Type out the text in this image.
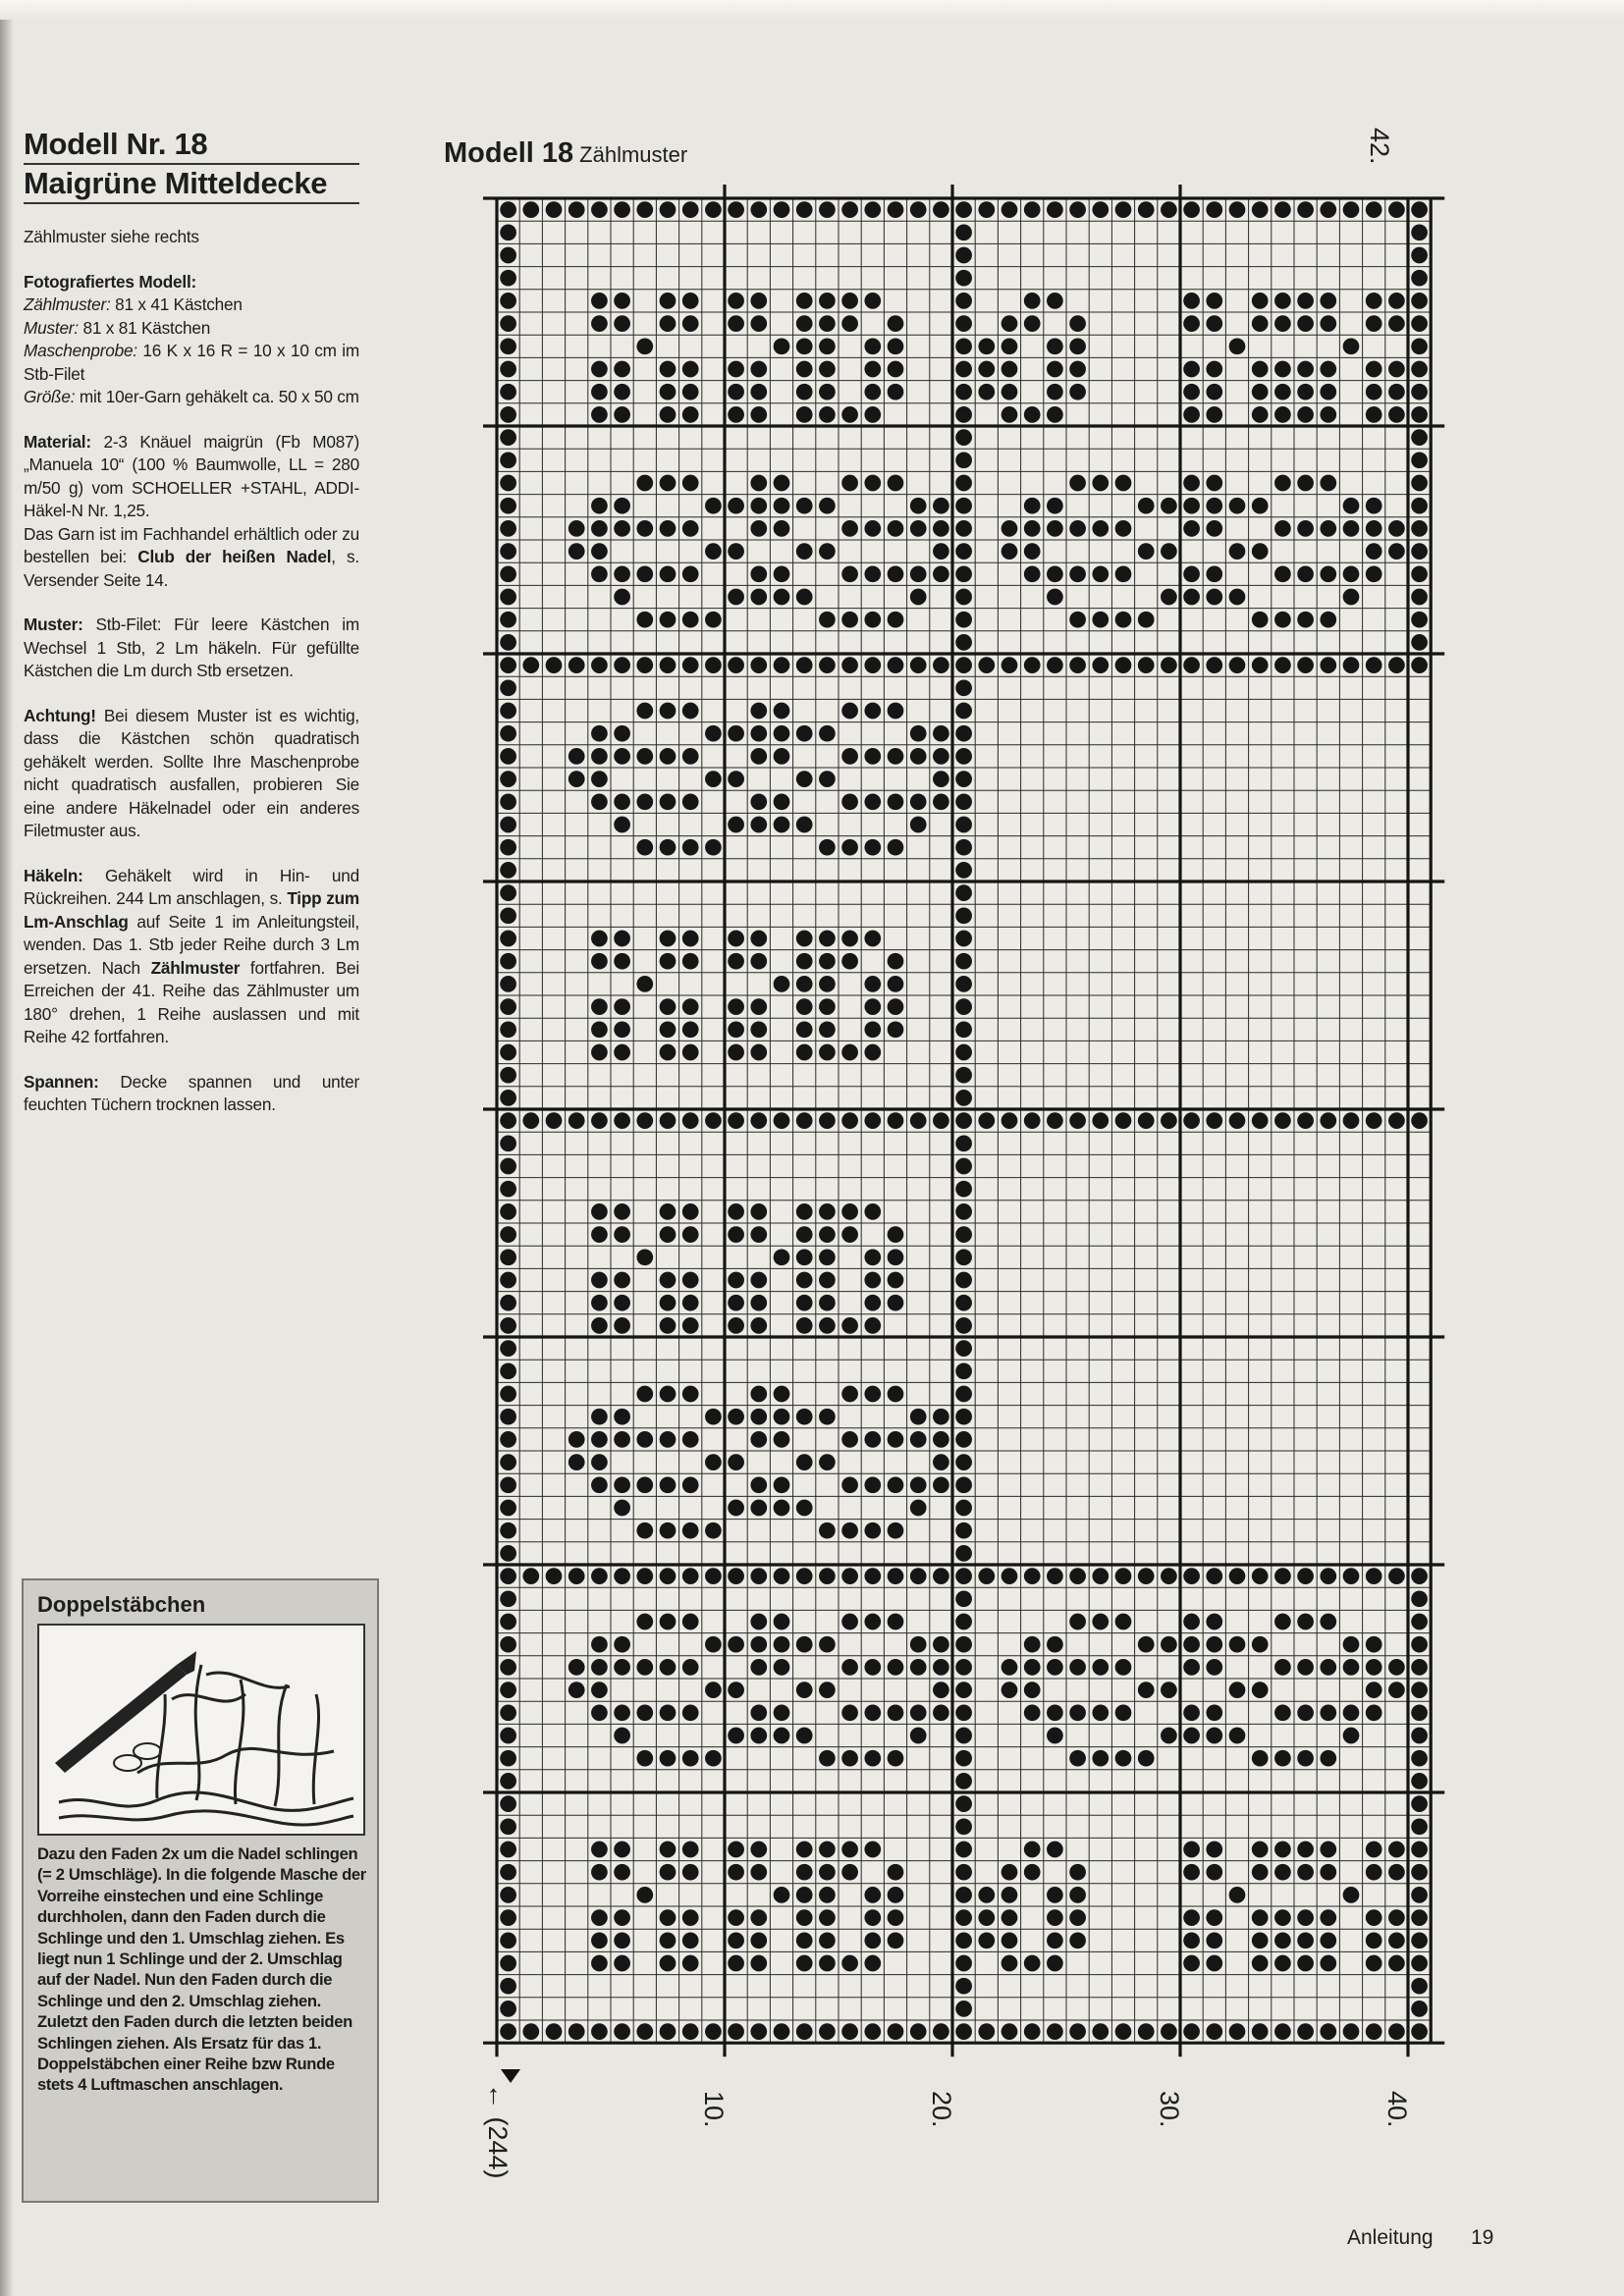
Modell Nr. 18
Maigrüne Mitteldecke

Zählmuster siehe rechts

Fotografiertes Modell:

Zählmuster: 81 x 41 Kästchen

Muster: 81 x 81 Kästchen

Maschenprobe: 16 K x 16 R = 10 x 10 cm im Stb-Filet

Größe: mit 10er-Garn gehäkelt ca. 50 x 50 cm

Material: 2-3 Knäuel maigrün (Fb M087) „Manuela 10“ (100 % Baumwolle, LL = 280 m/50 g) vom SCHOELLER +STAHL, ADDI-Häkel-N Nr. 1,25.

Das Garn ist im Fachhandel erhältlich oder zu bestellen bei: Club der heißen Nadel, s. Versender Seite 14.

Muster: Stb-Filet: Für leere Kästchen im Wechsel 1 Stb, 2 Lm häkeln. Für gefüllte Kästchen die Lm durch Stb ersetzen.

Achtung! Bei diesem Muster ist es wichtig, dass die Kästchen schön quadratisch gehäkelt werden. Sollte Ihre Maschenprobe nicht quadratisch ausfallen, probieren Sie eine andere Häkelnadel oder ein anderes Filetmuster aus.

Häkeln: Gehäkelt wird in Hin- und Rückreihen. 244 Lm anschlagen, s. Tipp zum Lm-Anschlag auf Seite 1 im Anleitungsteil, wenden. Das 1. Stb jeder Reihe durch 3 Lm ersetzen. Nach Zählmuster fortfahren. Bei Erreichen der 41. Reihe das Zählmuster um 180° drehen, 1 Reihe auslassen und mit Reihe 42 fortfahren.

Spannen: Decke spannen und unter feuchten Tüchern trocknen lassen.

Doppelstäbchen
Dazu den Faden 2x um die Nadel schlingen (= 2 Umschläge). In die folgende Masche der Vorreihe einstechen und eine Schlinge durchholen, dann den Faden durch die Schlinge und den 1. Umschlag ziehen. Es liegt nun 1 Schlinge und der 2. Umschlag auf der Nadel. Nun den Faden durch die Schlinge und den 2. Umschlag ziehen. Zuletzt den Faden durch die letzten beiden Schlingen ziehen. Als Ersatz für das 1. Doppelstäbchen einer Reihe bzw Runde stets 4 Luftmaschen anschlagen.
Modell 18 Zählmuster	42.
10.	20.	30.	40.
← (244)
Anleitung 19
